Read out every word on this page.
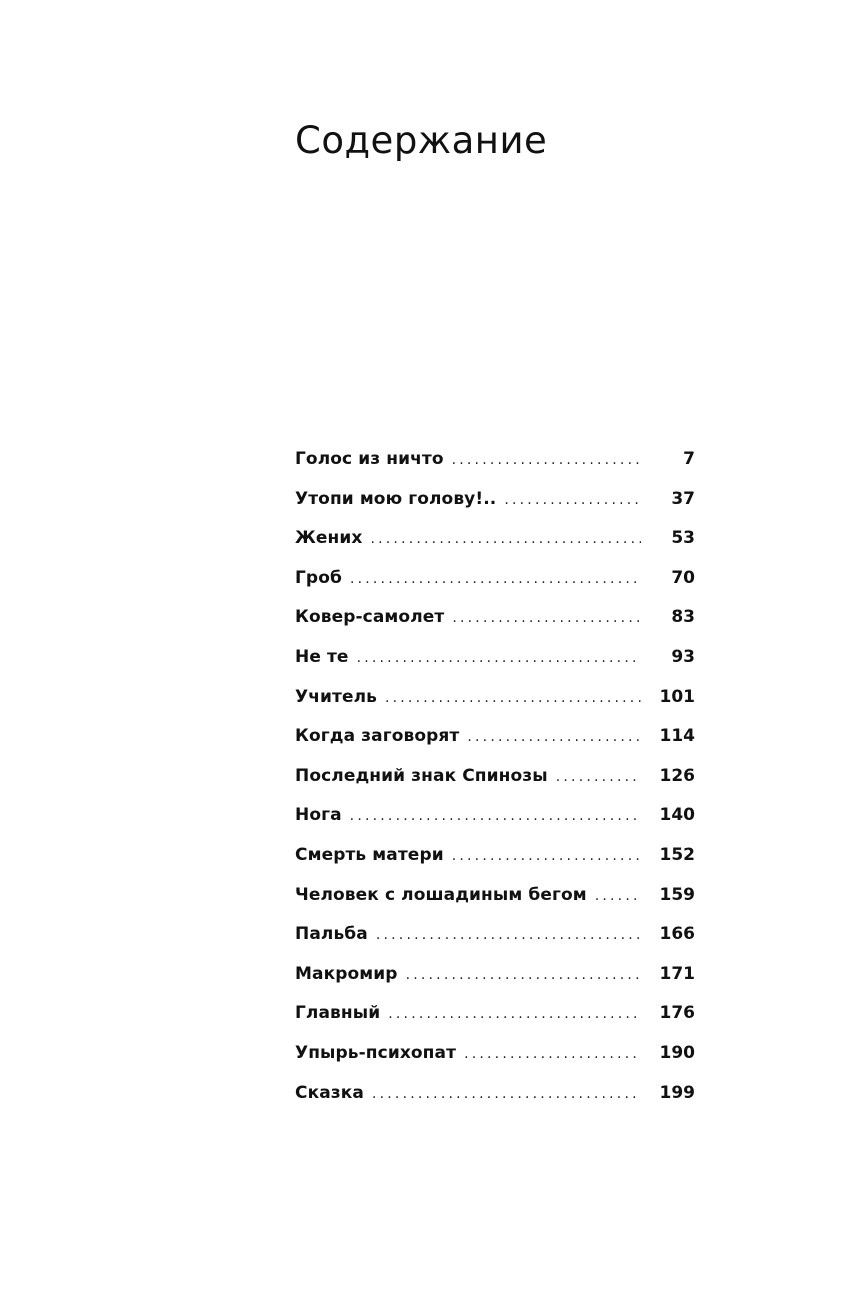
Содержание
Голос из ничто .....	7
Утопи мою голову!.. .....	37
Жених .....	53
Гроб .....	70
Ковер-самолет .....	83
Не те .....	93
Учитель .....	101
Когда заговорят .....	114
Последний знак Спинозы .....	126
Нога .....	140
Смерть матери .....	152
Человек с лошадиным бегом .....	159
Пальба .....	166
Макромир .....	171
Главный .....	176
Упырь-психопат .....	190
Сказка .....	199
